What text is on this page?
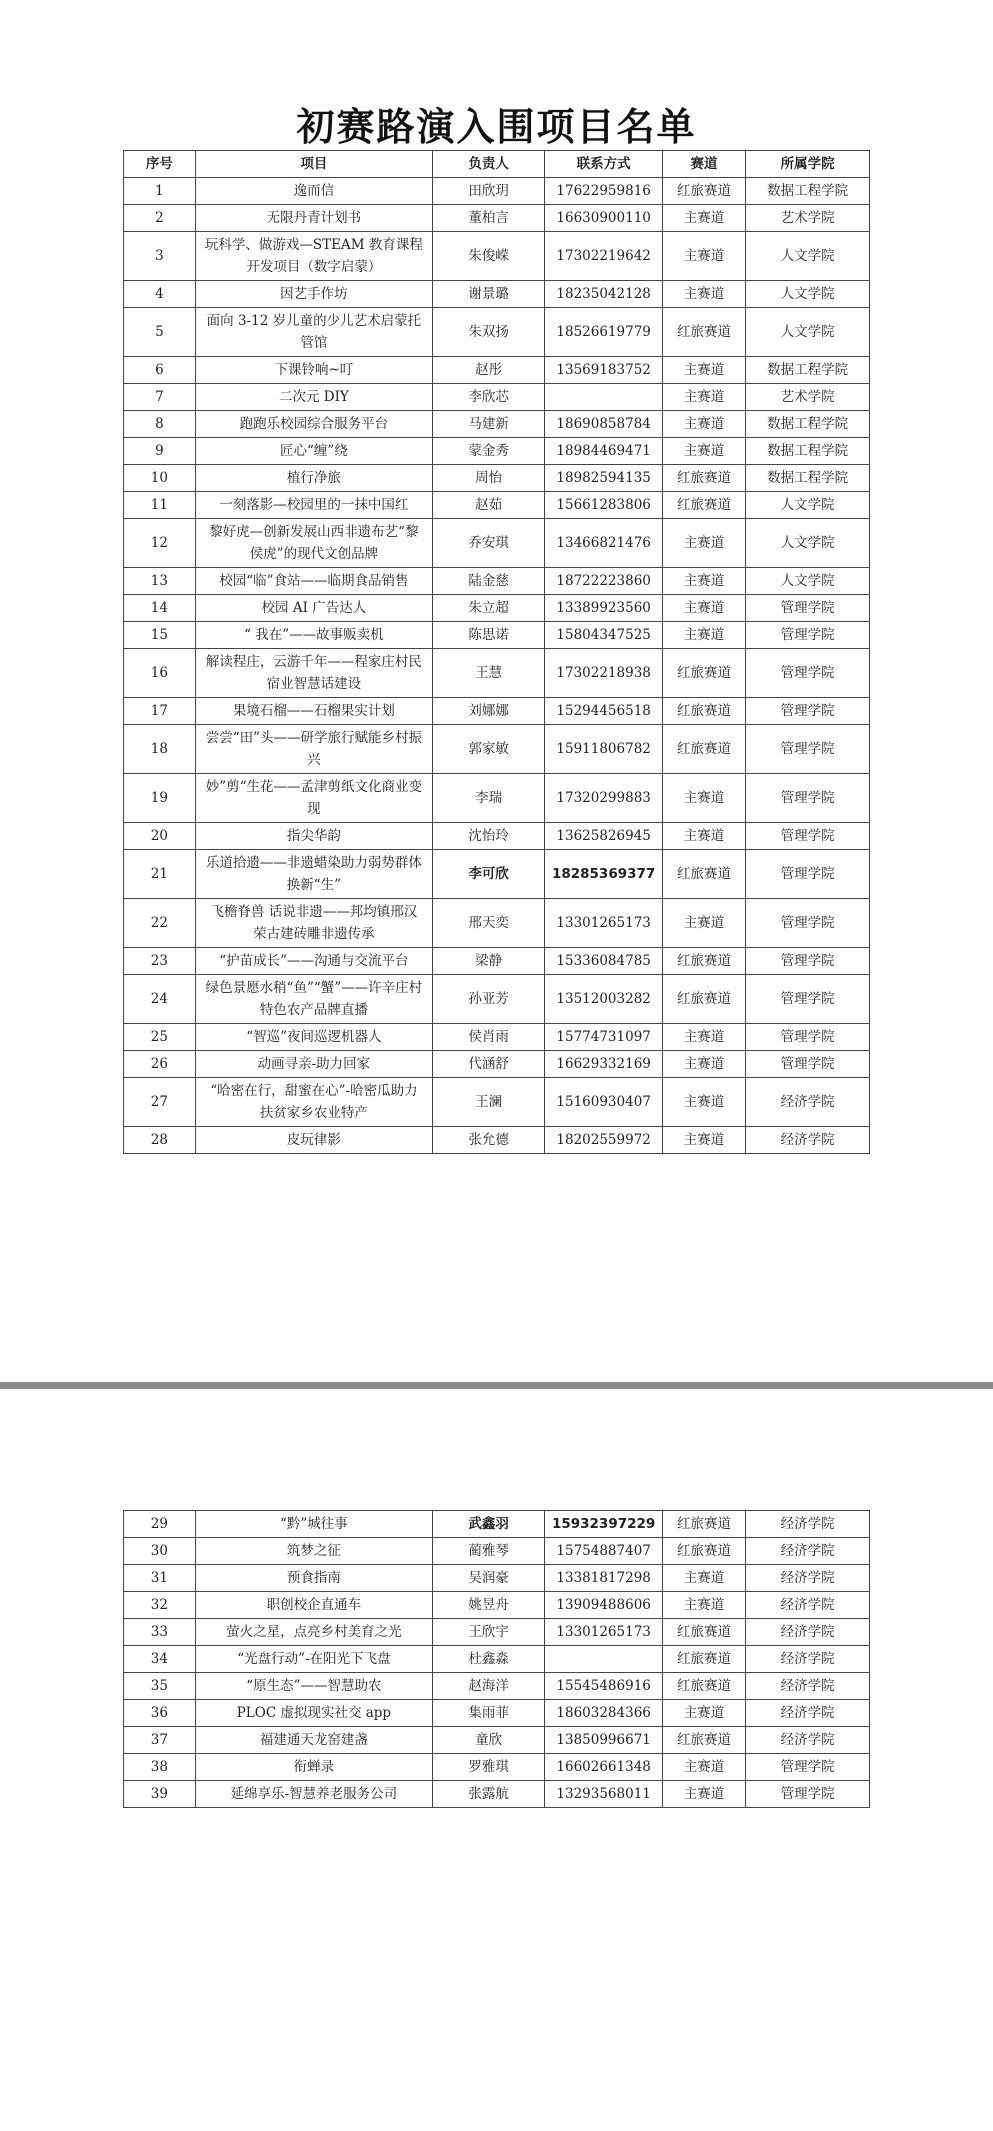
初赛路演入围项目名单
序号	项目	负责人	联系方式	赛道	所属学院
1	逸而信	田欣玥	17622959816	红旅赛道	数据工程学院
2	无限丹青计划书	董柏言	16630900110	主赛道	艺术学院
3	玩科学、做游戏—STEAM 教育课程开发项目（数字启蒙）	朱俊嵘	17302219642	主赛道	人文学院
4	因艺手作坊	谢景璐	18235042128	主赛道	人文学院
5	面向 3-12 岁儿童的少儿艺术启蒙托管馆	朱双扬	18526619779	红旅赛道	人文学院
6	下课铃响~叮	赵彤	13569183752	主赛道	数据工程学院
7	二次元 DIY	李欣芯		主赛道	艺术学院
8	跑跑乐校园综合服务平台	马建新	18690858784	主赛道	数据工程学院
9	匠心“缠”绕	蒙金秀	18984469471	主赛道	数据工程学院
10	植行净旅	周怡	18982594135	红旅赛道	数据工程学院
11	一刻落影—校园里的一抹中国红	赵茹	15661283806	红旅赛道	人文学院
12	黎好虎—创新发展山西非遗布艺“黎侯虎”的现代文创品牌	乔安琪	13466821476	主赛道	人文学院
13	校园“临”食站——临期食品销售	陆金慈	18722223860	主赛道	人文学院
14	校园 AI 广告达人	朱立超	13389923560	主赛道	管理学院
15	“ 我在”——故事贩卖机	陈思诺	15804347525	主赛道	管理学院
16	解读程庄，云游千年——程家庄村民宿业智慧话建设	王慧	17302218938	红旅赛道	管理学院
17	果境石榴——石榴果实计划	刘娜娜	15294456518	红旅赛道	管理学院
18	尝尝“田”头——研学旅行赋能乡村振兴	郭家敏	15911806782	红旅赛道	管理学院
19	妙”剪“生花——孟津剪纸文化商业变现	李瑞	17320299883	主赛道	管理学院
20	指尖华韵	沈怡玲	13625826945	主赛道	管理学院
21	乐道拾遗——非遗蜡染助力弱势群体换新“生”	李可欣	18285369377	红旅赛道	管理学院
22	飞檐脊兽 话说非遗——邦均镇邢汉荣古建砖雕非遗传承	邢天奕	13301265173	主赛道	管理学院
23	“护苗成长”——沟通与交流平台	梁静	15336084785	红旅赛道	管理学院
24	绿色景愿水稍“鱼”“蟹”——许辛庄村特色农产品牌直播	孙亚芳	13512003282	红旅赛道	管理学院
25	“智巡”夜间巡逻机器人	侯肖雨	15774731097	主赛道	管理学院
26	动画寻亲-助力回家	代涵舒	16629332169	主赛道	管理学院
27	“哈密在行，甜蜜在心”-哈密瓜助力扶贫家乡农业特产	王澜	15160930407	主赛道	经济学院
28	皮玩律影	张允德	18202559972	主赛道	经济学院
29	“黔”城往事	武鑫羽	15932397229	红旅赛道	经济学院
30	筑梦之征	蔺雅琴	15754887407	红旅赛道	经济学院
31	预食指南	吴润豪	13381817298	主赛道	经济学院
32	职创校企直通车	姚昱舟	13909488606	主赛道	经济学院
33	萤火之星，点亮乡村美育之光	王欣宇	13301265173	红旅赛道	经济学院
34	“光盘行动”-在阳光下飞盘	杜鑫淼		红旅赛道	经济学院
35	“原生态”——智慧助农	赵海洋	15545486916	红旅赛道	经济学院
36	PLOC 虚拟现实社交 app	集雨菲	18603284366	主赛道	经济学院
37	福建通天龙窑建盏	童欣	13850996671	红旅赛道	经济学院
38	衔蝉录	罗雅琪	16602661348	主赛道	管理学院
39	延绵享乐-智慧养老服务公司	张露航	13293568011	主赛道	管理学院
